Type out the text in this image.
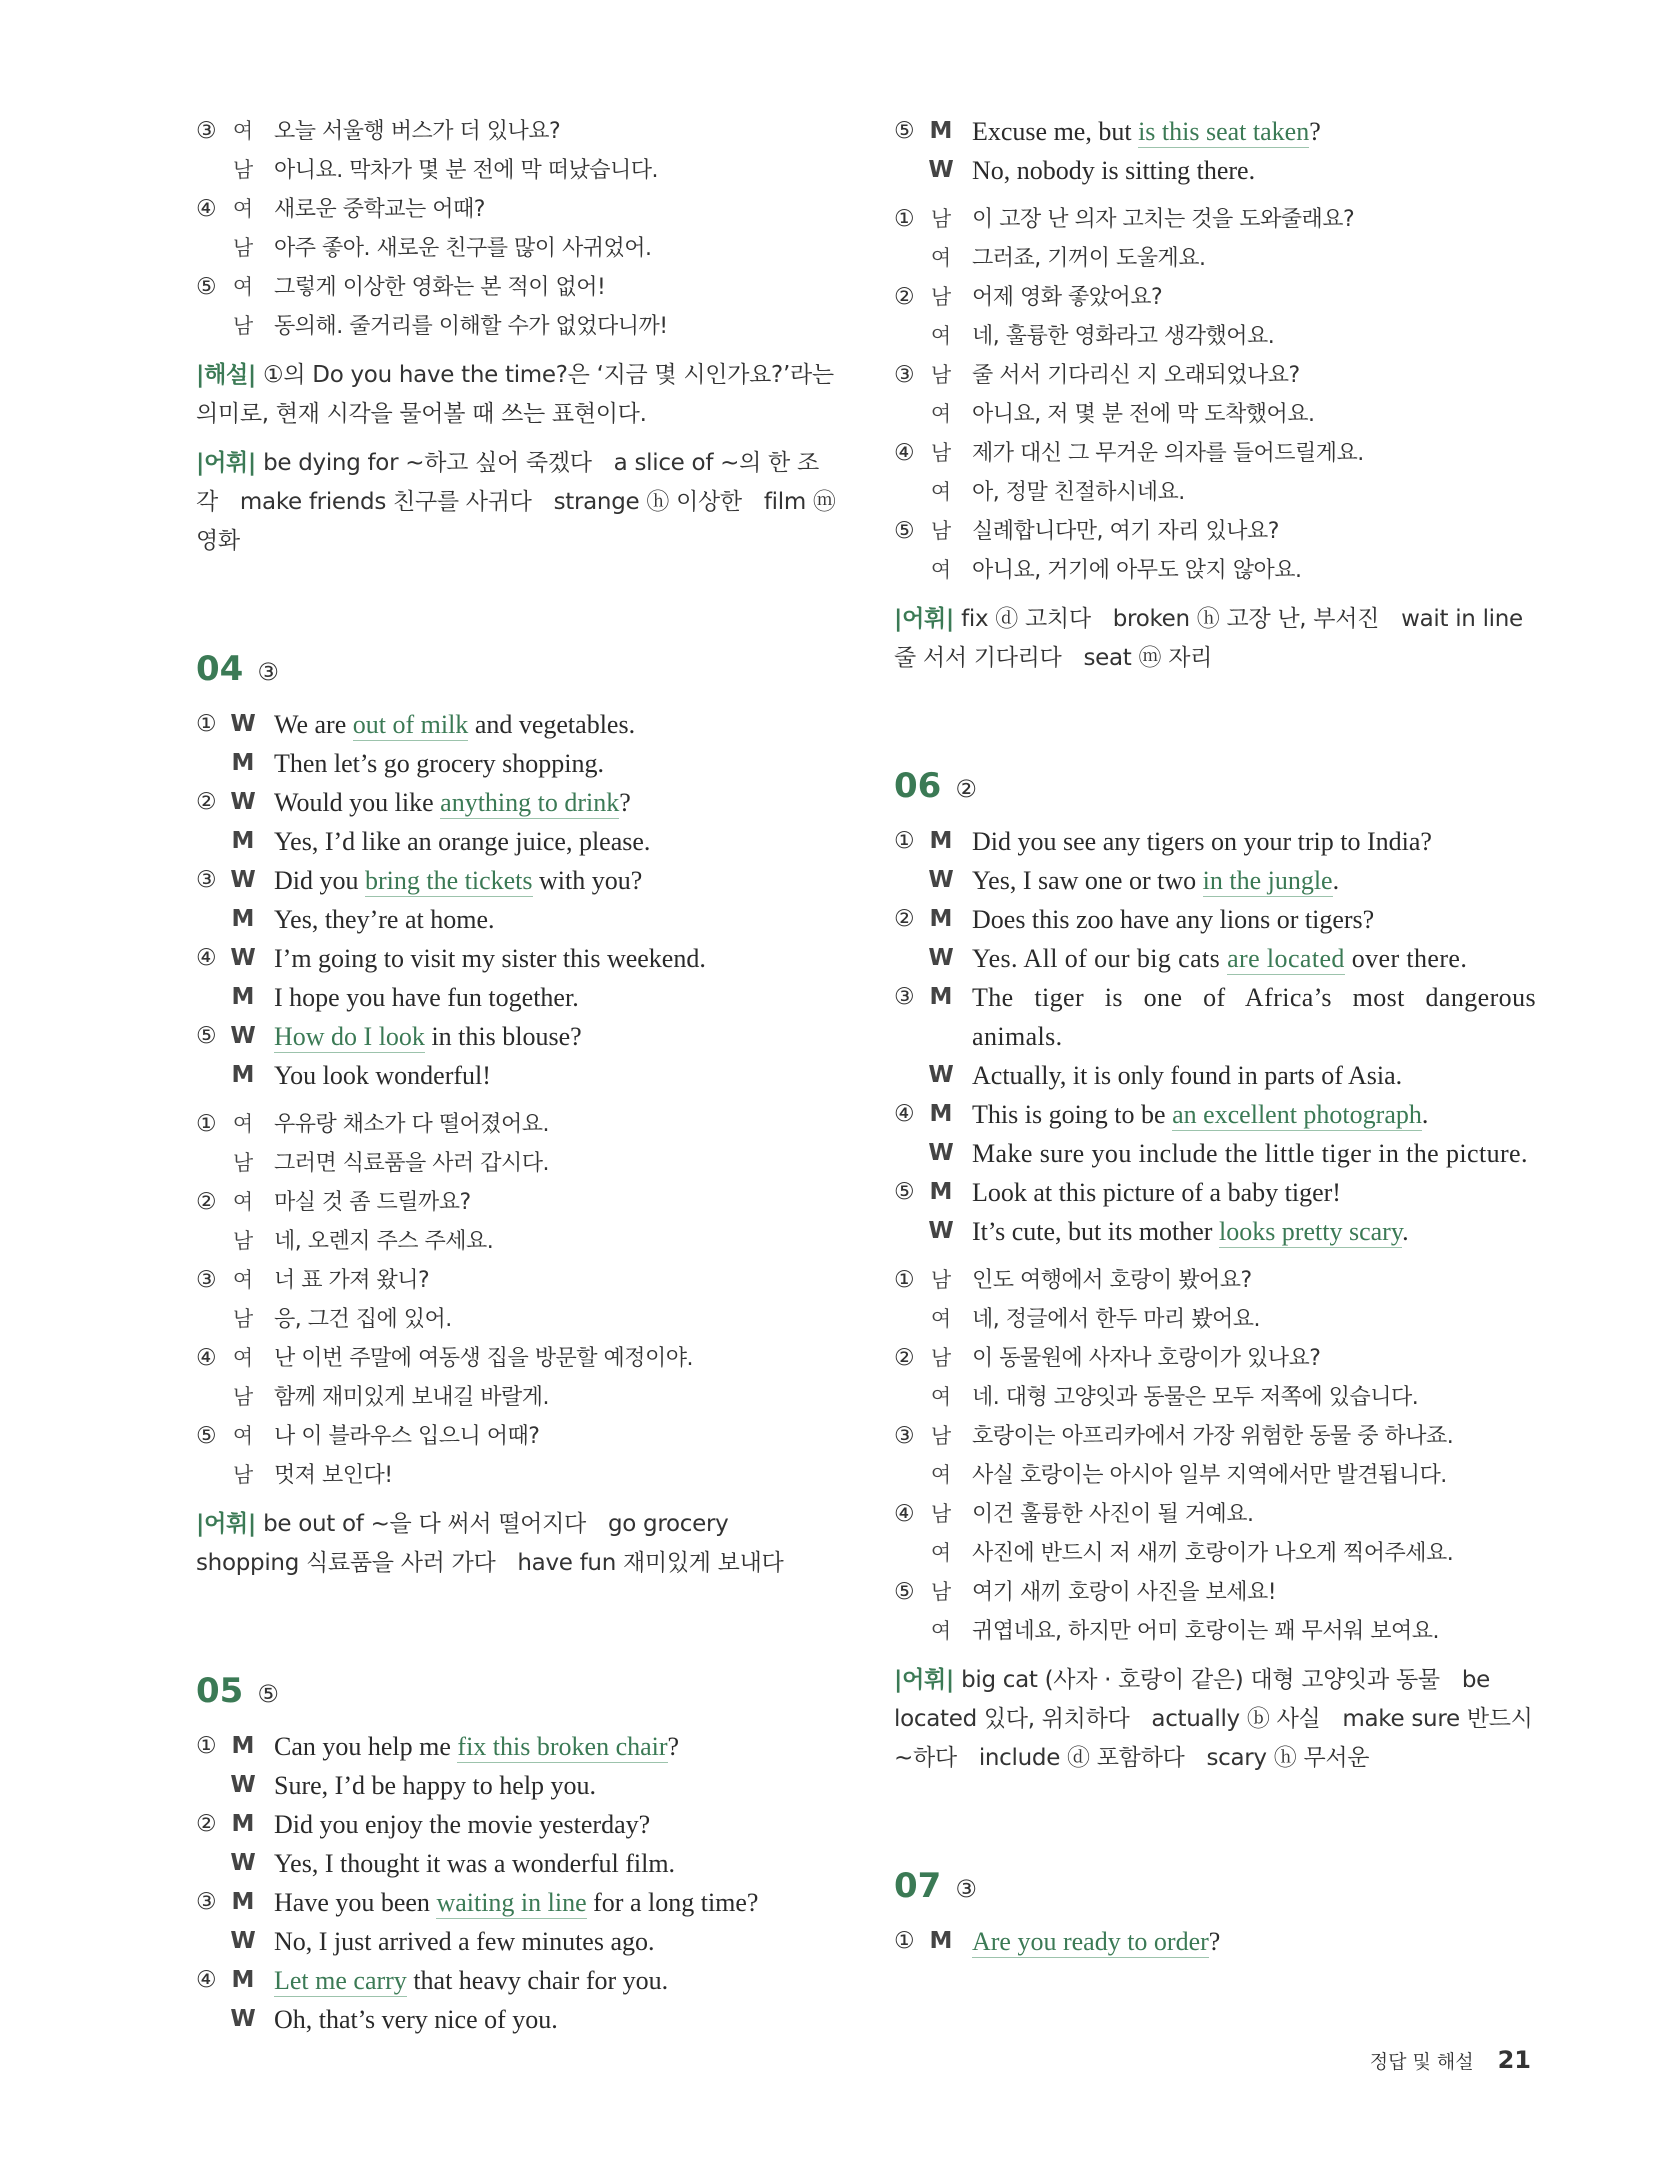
③ 여 오늘 서울행 버스가 더 있나요?
남 아니요. 막차가 몇 분 전에 막 떠났습니다.
④ 여 새로운 중학교는 어때?
남 아주 좋아. 새로운 친구를 많이 사귀었어.
⑤ 여 그렇게 이상한 영화는 본 적이 없어!
남 동의해. 줄거리를 이해할 수가 없었다니까!
|해설| ①의 Do you have the time?은 ‘지금 몇 시인가요?’라는 의미로, 현재 시각을 물어볼 때 쓰는 표현이다.
|어휘| be dying for ~하고 싶어 죽겠다 a slice of ~의 한 조각 make friends 친구를 사귀다 strange ⓗ 이상한 film ⓜ 영화
04 ③
① W We are out of milk and vegetables.
M Then let’s go grocery shopping.
② W Would you like anything to drink?
M Yes, I’d like an orange juice, please.
③ W Did you bring the tickets with you?
M Yes, they’re at home.
④ W I’m going to visit my sister this weekend.
M I hope you have fun together.
⑤ W How do I look in this blouse?
M You look wonderful!
① 여 우유랑 채소가 다 떨어졌어요.
남 그러면 식료품을 사러 갑시다.
② 여 마실 것 좀 드릴까요?
남 네, 오렌지 주스 주세요.
③ 여 너 표 가져 왔니?
남 응, 그건 집에 있어.
④ 여 난 이번 주말에 여동생 집을 방문할 예정이야.
남 함께 재미있게 보내길 바랄게.
⑤ 여 나 이 블라우스 입으니 어때?
남 멋져 보인다!
|어휘| be out of ~을 다 써서 떨어지다 go grocery shopping 식료품을 사러 가다 have fun 재미있게 보내다
05 ⑤
① M Can you help me fix this broken chair?
W Sure, I’d be happy to help you.
② M Did you enjoy the movie yesterday?
W Yes, I thought it was a wonderful film.
③ M Have you been waiting in line for a long time?
W No, I just arrived a few minutes ago.
④ M Let me carry that heavy chair for you.
W Oh, that’s very nice of you.
⑤ M Excuse me, but is this seat taken?
W No, nobody is sitting there.
① 남 이 고장 난 의자 고치는 것을 도와줄래요?
여 그러죠, 기꺼이 도울게요.
② 남 어제 영화 좋았어요?
여 네, 훌륭한 영화라고 생각했어요.
③ 남 줄 서서 기다리신 지 오래되었나요?
여 아니요, 저 몇 분 전에 막 도착했어요.
④ 남 제가 대신 그 무거운 의자를 들어드릴게요.
여 아, 정말 친절하시네요.
⑤ 남 실례합니다만, 여기 자리 있나요?
여 아니요, 거기에 아무도 앉지 않아요.
|어휘| fix ⓓ 고치다 broken ⓗ 고장 난, 부서진 wait in line 줄 서서 기다리다 seat ⓜ 자리
06 ②
① M Did you see any tigers on your trip to India?
W Yes, I saw one or two in the jungle.
② M Does this zoo have any lions or tigers?
W Yes. All of our big cats are located over there.
③ M The tiger is one of Africa’s most dangerous animals.
W Actually, it is only found in parts of Asia.
④ M This is going to be an excellent photograph.
W Make sure you include the little tiger in the picture.
⑤ M Look at this picture of a baby tiger!
W It’s cute, but its mother looks pretty scary.
① 남 인도 여행에서 호랑이 봤어요?
여 네, 정글에서 한두 마리 봤어요.
② 남 이 동물원에 사자나 호랑이가 있나요?
여 네. 대형 고양잇과 동물은 모두 저쪽에 있습니다.
③ 남 호랑이는 아프리카에서 가장 위험한 동물 중 하나죠.
여 사실 호랑이는 아시아 일부 지역에서만 발견됩니다.
④ 남 이건 훌륭한 사진이 될 거예요.
여 사진에 반드시 저 새끼 호랑이가 나오게 찍어주세요.
⑤ 남 여기 새끼 호랑이 사진을 보세요!
여 귀엽네요, 하지만 어미 호랑이는 꽤 무서워 보여요.
|어휘| big cat (사자 · 호랑이 같은) 대형 고양잇과 동물 be located 있다, 위치하다 actually ⓑ 사실 make sure 반드시 ~하다 include ⓓ 포함하다 scary ⓗ 무서운
07 ③
① M Are you ready to order?
정답 및 해설 21
